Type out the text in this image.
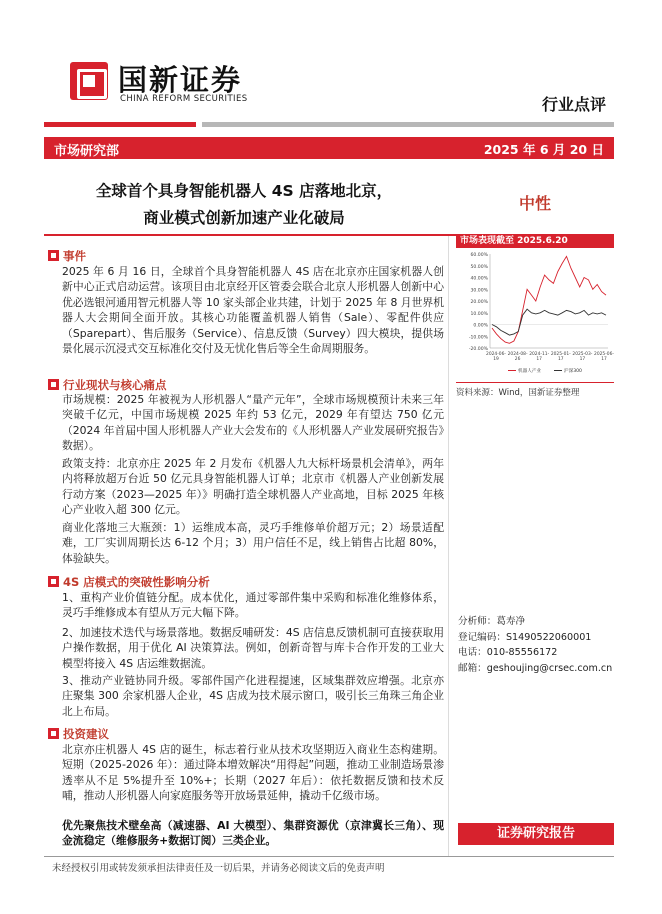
国新证券
CHINA REFORM SECURITIES	行业点评
市场研究部	2025 年 6 月 20 日
全球首个具身智能机器人 4S 店落地北京，
商业模式创新加速产业化破局
中性
事件
2025 年 6 月 16 日，全球首个具身智能机器人 4S 店在北京亦庄国家机器人创新中心正式启动运营。该项目由北京经开区管委会联合北京人形机器人创新中心优必选银河通用智元机器人等 10 家头部企业共建，计划于 2025 年 8 月世界机器人大会期间全面开放。其核心功能覆盖机器人销售（Sale）、零配件供应（Sparepart）、售后服务（Service）、信息反馈（Survey）四大模块，提供场景化展示沉浸式交互标准化交付及无忧化售后等全生命周期服务。
行业现状与核心痛点
市场规模：2025 年被视为人形机器人“量产元年”，全球市场规模预计未来三年突破千亿元，中国市场规模 2025 年约 53 亿元，2029 年有望达 750 亿元（2024 年首届中国人形机器人产业大会发布的《人形机器人产业发展研究报告》数据）。
政策支持：北京亦庄 2025 年 2 月发布《机器人九大标杆场景机会清单》，两年内将释放超万台近 50 亿元具身智能机器人订单；北京市《机器人产业创新发展行动方案（2023—2025 年）》明确打造全球机器人产业高地，目标 2025 年核心产业收入超 300 亿元。
商业化落地三大瓶颈：1）运维成本高，灵巧手维修单价超万元；2）场景适配难，工厂实训周期长达 6-12 个月；3）用户信任不足，线上销售占比超 80%，体验缺失。
4S 店模式的突破性影响分析
1、重构产业价值链分配。成本优化，通过零部件集中采购和标准化维修体系，灵巧手维修成本有望从万元大幅下降。
2、加速技术迭代与场景落地。数据反哺研发：4S 店信息反馈机制可直接获取用户操作数据，用于优化 AI 决策算法。例如，创新奇智与库卡合作开发的工业大模型将接入 4S 店运维数据流。
3、推动产业链协同升级。零部件国产化进程提速，区域集群效应增强。北京亦庄聚集 300 余家机器人企业，4S 店成为技术展示窗口，吸引长三角珠三角企业北上布局。
投资建议
北京亦庄机器人 4S 店的诞生，标志着行业从技术攻坚期迈入商业生态构建期。短期（2025-2026 年）：通过降本增效解决“用得起”问题，推动工业制造场景渗透率从不足 5%提升至 10%+；长期（2027 年后）：依托数据反馈和技术反哺，推动人形机器人向家庭服务等开放场景延伸，撬动千亿级市场。
优先聚焦技术壁垒高（减速器、AI 大模型）、集群资源优（京津冀长三角）、现金流稳定（维修服务+数据订阅）三类企业。
市场表现截至 2025.6.20
60.00%
50.00%
40.00%
30.00%
20.00%
10.00%
0.00%
-10.00%
-20.00%
2024-06-
19
2024-08-
26
2024-11-
17
2025-01-
17
2025-03-
17
2025-06-
17
机器人产业	沪深300
资料来源：Wind，国新证券整理
分析师：葛寿净
登记编码：S1490522060001
电话：010-85556172
邮箱：geshoujing@crsec.com.cn
证券研究报告
未经授权引用或转发须承担法律责任及一切后果，并请务必阅读文后的免责声明
